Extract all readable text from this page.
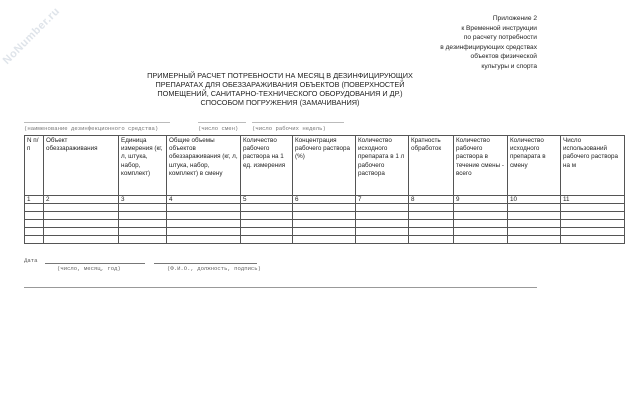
NoNumber.ru	Приложение 2
к Временной инструкции
по расчету потребности
в дезинфицирующих средствах
объектов физической
культуры и спорта
ПРИМЕРНЫЙ РАСЧЕТ ПОТРЕБНОСТИ НА МЕСЯЦ В ДЕЗИНФИЦИРУЮЩИХ
ПРЕПАРАТАХ ДЛЯ ОБЕЗЗАРАЖИВАНИЯ ОБЪЕКТОВ (ПОВЕРХНОСТЕЙ
ПОМЕЩЕНИЙ, САНИТАРНО-ТЕХНИЧЕСКОГО ОБОРУДОВАНИЯ И ДР.)
СПОСОБОМ ПОГРУЖЕНИЯ (ЗАМАЧИВАНИЯ)
(наименование дезинфекционного средства)	(число смен)	(число рабочих недель)
N п/п	Объект обеззараживания	Единица измерения (кг, л, штука, набор, комплект)	Общие объемы объектов обеззараживания (кг, л, штука, набор, комплект) в смену	Количество рабочего раствора на 1 ед. измерения	Концентрация рабочего раствора (%)	Количество исходного препарата в 1 л рабочего раствора	Кратность обработок	Количество рабочего раствора в течение смены - всего	Количество исходного препарата в смену	Число использований рабочего раствора на м
1	2	3	4	5	6	7	8	9	10	11

Дата
(число, месяц, год)	(Ф.И.О., должность, подпись)
